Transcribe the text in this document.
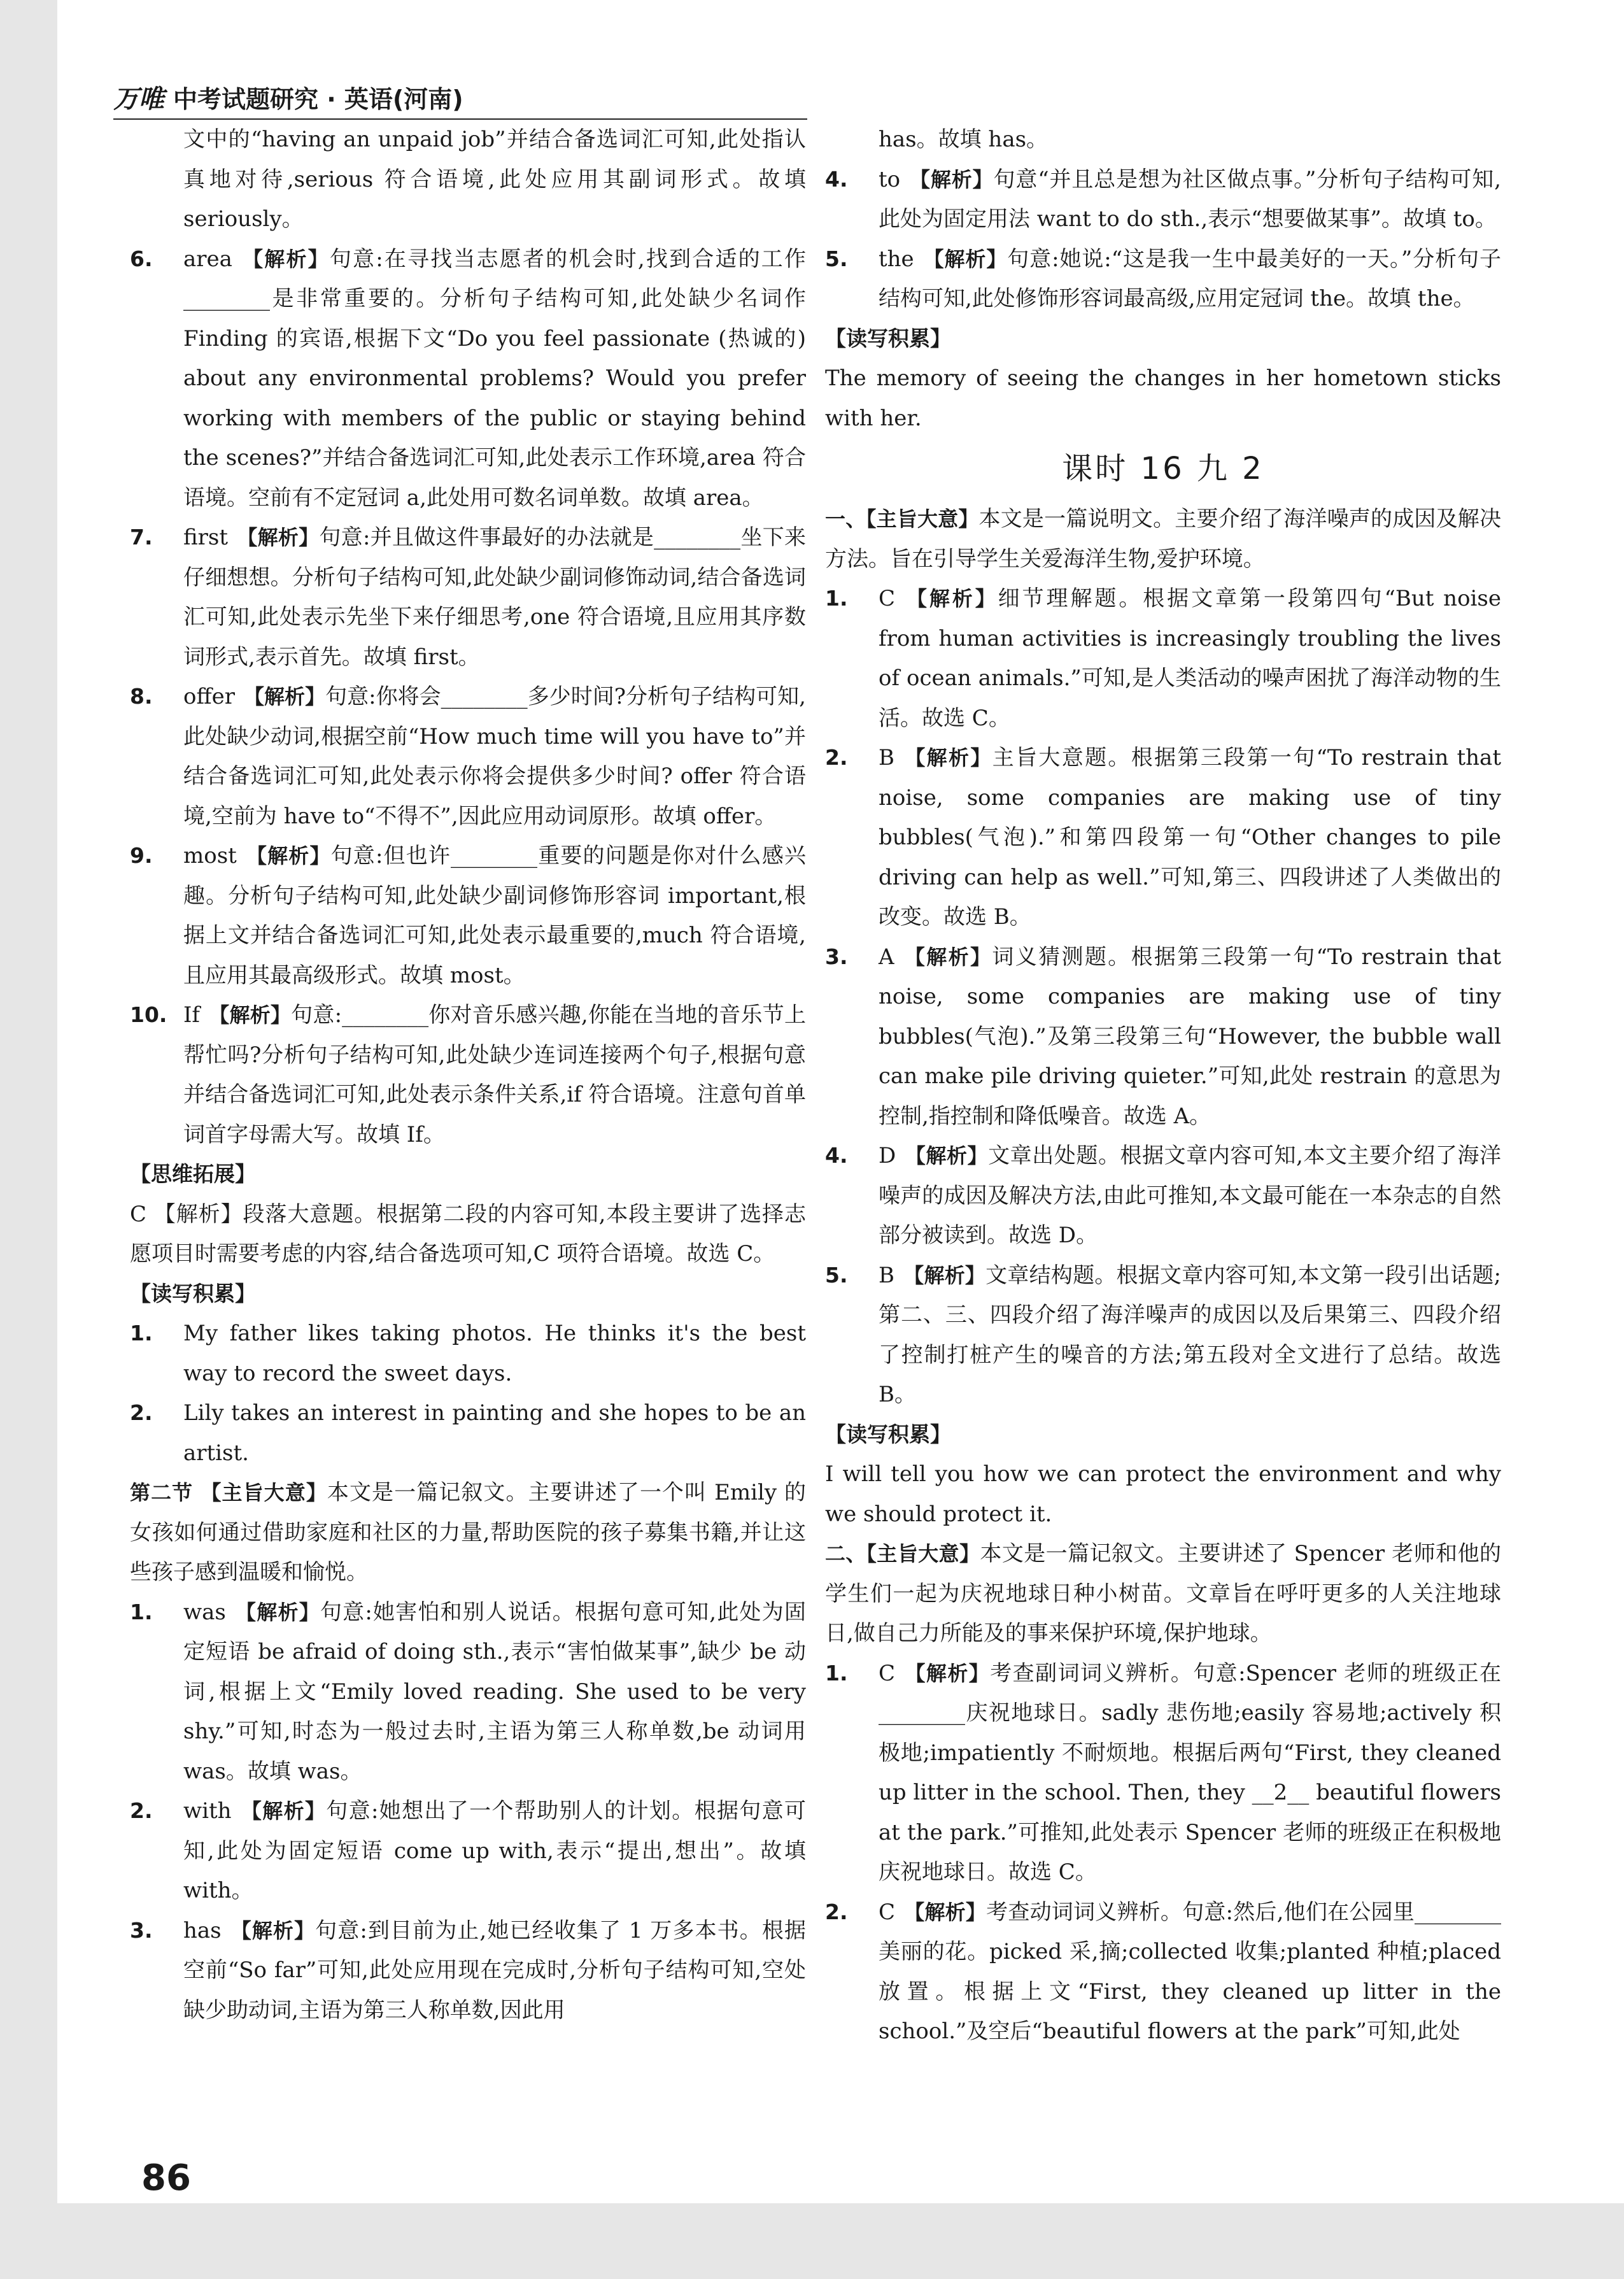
万唯 中考试题研究 · 英语(河南)
文中的“having an unpaid job”并结合备选词汇可知,此处指认真地对待,serious 符合语境,此处应用其副词形式。故填 seriously。
6.	area 【解析】句意:在寻找当志愿者的机会时,找到合适的工作________是非常重要的。分析句子结构可知,此处缺少名词作 Finding 的宾语,根据下文“Do you feel passionate (热诚的) about any environmental problems? Would you prefer working with members of the public or staying behind the scenes?”并结合备选词汇可知,此处表示工作环境,area 符合语境。空前有不定冠词 a,此处用可数名词单数。故填 area。
7.	first 【解析】句意:并且做这件事最好的办法就是________坐下来仔细想想。分析句子结构可知,此处缺少副词修饰动词,结合备选词汇可知,此处表示先坐下来仔细思考,one 符合语境,且应用其序数词形式,表示首先。故填 first。
8.	offer 【解析】句意:你将会________多少时间?分析句子结构可知,此处缺少动词,根据空前“How much time will you have to”并结合备选词汇可知,此处表示你将会提供多少时间? offer 符合语境,空前为 have to“不得不”,因此应用动词原形。故填 offer。
9.	most 【解析】句意:但也许________重要的问题是你对什么感兴趣。分析句子结构可知,此处缺少副词修饰形容词 important,根据上文并结合备选词汇可知,此处表示最重要的,much 符合语境,且应用其最高级形式。故填 most。
10. If 【解析】句意:________你对音乐感兴趣,你能在当地的音乐节上帮忙吗?分析句子结构可知,此处缺少连词连接两个句子,根据句意并结合备选词汇可知,此处表示条件关系,if 符合语境。注意句首单词首字母需大写。故填 If。
【思维拓展】
C 【解析】段落大意题。根据第二段的内容可知,本段主要讲了选择志愿项目时需要考虑的内容,结合备选项可知,C 项符合语境。故选 C。
【读写积累】
1.	My father likes taking photos. He thinks it's the best way to record the sweet days.
2.	Lily takes an interest in painting and she hopes to be an artist.
第二节 【主旨大意】本文是一篇记叙文。主要讲述了一个叫 Emily 的女孩如何通过借助家庭和社区的力量,帮助医院的孩子募集书籍,并让这些孩子感到温暖和愉悦。
1.	was 【解析】句意:她害怕和别人说话。根据句意可知,此处为固定短语 be afraid of doing sth.,表示“害怕做某事”,缺少 be 动词,根据上文“Emily loved reading. She used to be very shy.”可知,时态为一般过去时,主语为第三人称单数,be 动词用 was。故填 was。
2.	with 【解析】句意:她想出了一个帮助别人的计划。根据句意可知,此处为固定短语 come up with,表示“提出,想出”。故填 with。
3.	has 【解析】句意:到目前为止,她已经收集了 1 万多本书。根据空前“So far”可知,此处应用现在完成时,分析句子结构可知,空处缺少助动词,主语为第三人称单数,因此用
has。故填 has。
4.	to 【解析】句意“并且总是想为社区做点事。”分析句子结构可知,此处为固定用法 want to do sth.,表示“想要做某事”。故填 to。
5.	the 【解析】句意:她说:“这是我一生中最美好的一天。”分析句子结构可知,此处修饰形容词最高级,应用定冠词 the。故填 the。
【读写积累】
The memory of seeing the changes in her hometown sticks with her.
课时 16 九 2
一、【主旨大意】本文是一篇说明文。主要介绍了海洋噪声的成因及解决方法。旨在引导学生关爱海洋生物,爱护环境。
1.	C 【解析】细节理解题。根据文章第一段第四句“But noise from human activities is increasingly troubling the lives of ocean animals.”可知,是人类活动的噪声困扰了海洋动物的生活。故选 C。
2.	B 【解析】主旨大意题。根据第三段第一句“To restrain that noise, some companies are making use of tiny bubbles(气泡).”和第四段第一句“Other changes to pile driving can help as well.”可知,第三、四段讲述了人类做出的改变。故选 B。
3.	A 【解析】词义猜测题。根据第三段第一句“To restrain that noise, some companies are making use of tiny bubbles(气泡).”及第三段第三句“However, the bubble wall can make pile driving quieter.”可知,此处 restrain 的意思为控制,指控制和降低噪音。故选 A。
4.	D 【解析】文章出处题。根据文章内容可知,本文主要介绍了海洋噪声的成因及解决方法,由此可推知,本文最可能在一本杂志的自然部分被读到。故选 D。
5.	B 【解析】文章结构题。根据文章内容可知,本文第一段引出话题;第二、三、四段介绍了海洋噪声的成因以及后果第三、四段介绍了控制打桩产生的噪音的方法;第五段对全文进行了总结。故选 B。
【读写积累】
I will tell you how we can protect the environment and why we should protect it.
二、【主旨大意】本文是一篇记叙文。主要讲述了 Spencer 老师和他的学生们一起为庆祝地球日种小树苗。文章旨在呼吁更多的人关注地球日,做自己力所能及的事来保护环境,保护地球。
1.	C 【解析】考查副词词义辨析。句意:Spencer 老师的班级正在________庆祝地球日。sadly 悲伤地;easily 容易地;actively 积极地;impatiently 不耐烦地。根据后两句“First, they cleaned up litter in the school. Then, they __2__ beautiful flowers at the park.”可推知,此处表示 Spencer 老师的班级正在积极地庆祝地球日。故选 C。
2.	C 【解析】考查动词词义辨析。句意:然后,他们在公园里________美丽的花。picked 采,摘;collected 收集;planted 种植;placed 放置。根据上文“First, they cleaned up litter in the school.”及空后“beautiful flowers at the park”可知,此处
86
